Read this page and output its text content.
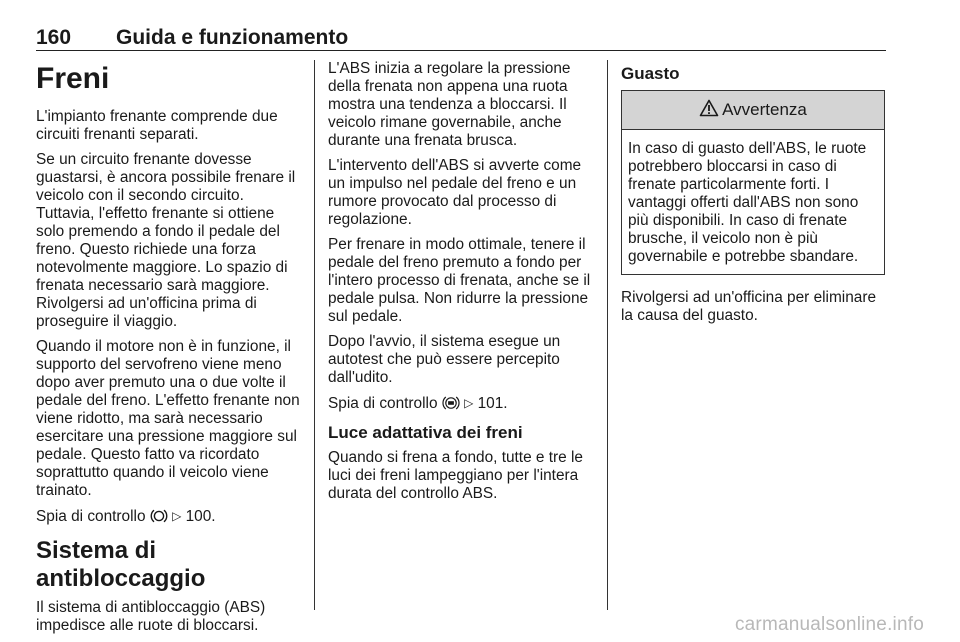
160 Guida e funzionamento
Freni

L'impianto frenante comprende due circuiti frenanti separati.

Se un circuito frenante dovesse guastarsi, è ancora possibile frenare il veicolo con il secondo circuito. Tuttavia, l'effetto frenante si ottiene solo premendo a fondo il pedale del freno. Questo richiede una forza notevolmente maggiore. Lo spazio di frenata necessario sarà maggiore. Rivolgersi ad un'officina prima di proseguire il viaggio.

Quando il motore non è in funzione, il supporto del servofreno viene meno dopo aver premuto una o due volte il pedale del freno. L'effetto frenante non viene ridotto, ma sarà necessario esercitare una pressione maggiore sul pedale. Questo fatto va ricordato soprattutto quando il veicolo viene trainato.

Spia di controllo ▷ 100.

Sistema di antibloccaggio

Il sistema di antibloccaggio (ABS) impedisce alle ruote di bloccarsi.

L'ABS inizia a regolare la pressione della frenata non appena una ruota mostra una tendenza a bloccarsi. Il veicolo rimane governabile, anche durante una frenata brusca.

L'intervento dell'ABS si avverte come un impulso nel pedale del freno e un rumore provocato dal processo di regolazione.

Per frenare in modo ottimale, tenere il pedale del freno premuto a fondo per l'intero processo di frenata, anche se il pedale pulsa. Non ridurre la pressione sul pedale.

Dopo l'avvio, il sistema esegue un autotest che può essere percepito dall'udito.

Spia di controllo ▷ 101.

Luce adattativa dei freni

Quando si frena a fondo, tutte e tre le luci dei freni lampeggiano per l'intera durata del controllo ABS.

Guasto
Avvertenza
In caso di guasto dell'ABS, le ruote potrebbero bloccarsi in caso di frenate particolarmente forti. I vantaggi offerti dall'ABS non sono più disponibili. In caso di frenate brusche, il veicolo non è più governabile e potrebbe sbandare.

Rivolgersi ad un'officina per eliminare la causa del guasto.

carmanualsonline.info
